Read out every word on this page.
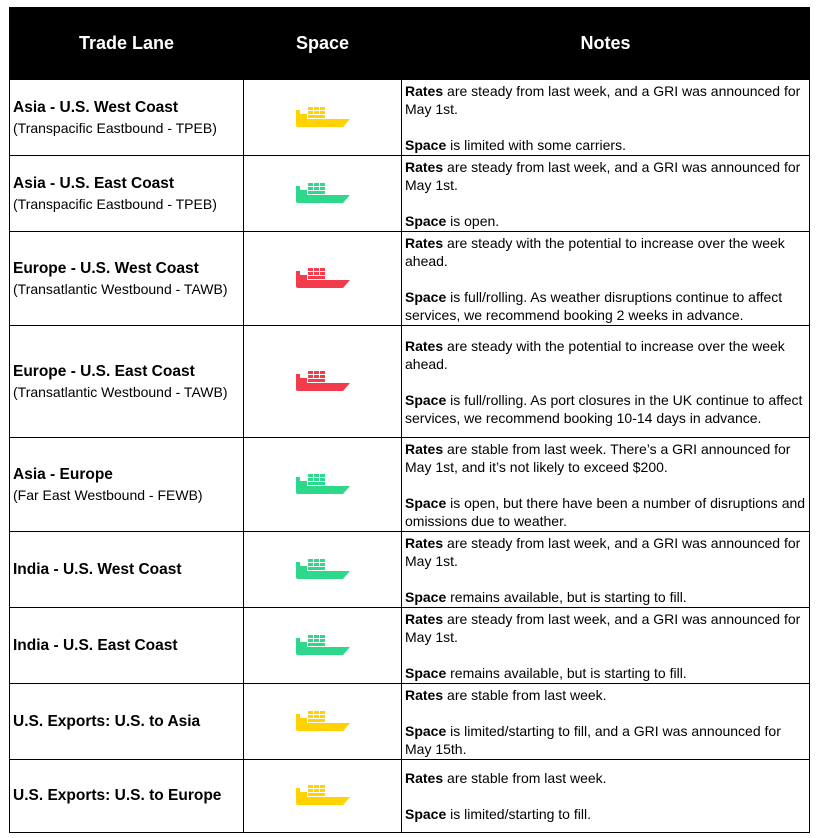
Trade Lane	Space	Notes

Asia - U.S. West Coast
(Transpacific Eastbound - TPEB)		Rates are steady from last week, and a GRI was announced for May 1st.
Space is limited with some carriers.

Asia - U.S. East Coast
(Transpacific Eastbound - TPEB)		Rates are steady from last week, and a GRI was announced for May 1st.
Space is open.

Europe - U.S. West Coast
(Transatlantic Westbound - TAWB)		Rates are steady with the potential to increase over the week ahead.
Space is full/rolling. As weather disruptions continue to affect services, we recommend booking 2 weeks in advance.

Europe - U.S. East Coast
(Transatlantic Westbound - TAWB)		Rates are steady with the potential to increase over the week ahead.
Space is full/rolling. As port closures in the UK continue to affect services, we recommend booking 10-14 days in advance.

Asia - Europe
(Far East Westbound - FEWB)		Rates are stable from last week. There’s a GRI announced for May 1st, and it’s not likely to exceed $200.
Space is open, but there have been a number of disruptions and omissions due to weather.

India - U.S. West Coast		Rates are steady from last week, and a GRI was announced for May 1st.
Space remains available, but is starting to fill.

India - U.S. East Coast		Rates are steady from last week, and a GRI was announced for May 1st.
Space remains available, but is starting to fill.

U.S. Exports: U.S. to Asia		Rates are stable from last week.
Space is limited/starting to fill, and a GRI was announced for May 15th.

U.S. Exports: U.S. to Europe		Rates are stable from last week.
Space is limited/starting to fill.
